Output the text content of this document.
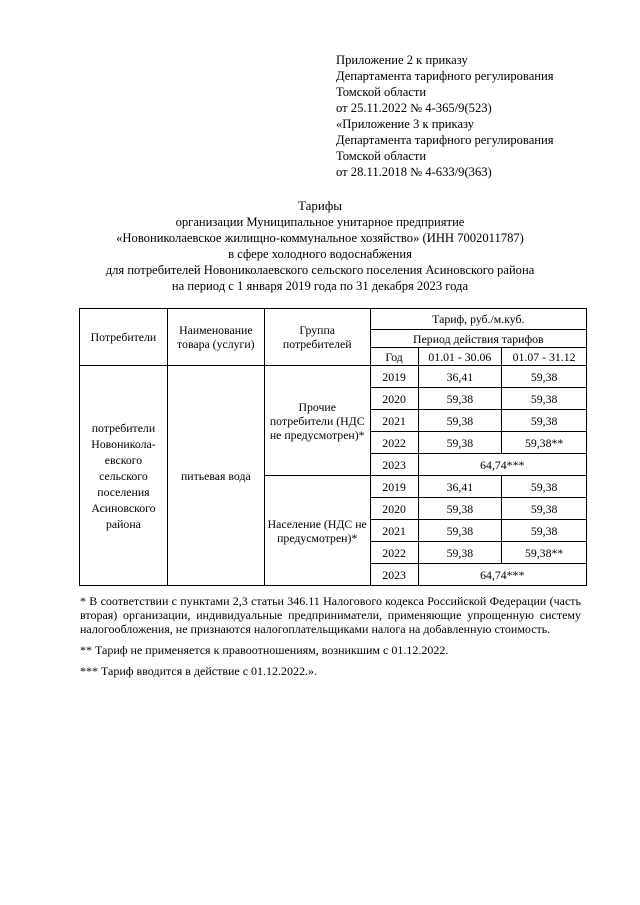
Приложение 2 к приказу
Департамента тарифного регулирования
Томской области
от 25.11.2022 № 4-365/9(523)
«Приложение 3 к приказу
Департамента тарифного регулирования
Томской области
от 28.11.2018 № 4-633/9(363)
Тарифы
организации Муниципальное унитарное предприятие
«Новониколаевское жилищно-коммунальное хозяйство» (ИНН 7002011787)
в сфере холодного водоснабжения
для потребителей Новониколаевского сельского поселения Асиновского района
на период с 1 января 2019 года по 31 декабря 2023 года
Потребители	Наименование товара (услуги)	Группа потребителей	Тариф, руб./м.куб.		
			Период действия тарифов		
			Год	01.01 - 30.06	01.07 - 31.12
потребители Новоникола-евского сельского поселения Асиновского района	питьевая вода	Прочие потребители (НДС не предусмотрен)*	2019	36,41	59,38
			2020	59,38	59,38
			2021	59,38	59,38
			2022	59,38	59,38**
			2023	64,74***	
		Население (НДС не предусмотрен)*	2019	36,41	59,38
			2020	59,38	59,38
			2021	59,38	59,38
			2022	59,38	59,38**
			2023	64,74***	
* В соответствии с пунктами 2,3 статьи 346.11 Налогового кодекса Российской Федерации (часть вторая) организации, индивидуальные предприниматели, применяющие упрощенную систему налогообложения, не признаются налогоплательщиками налога на добавленную стоимость.
** Тариф не применяется к правоотношениям, возникшим с 01.12.2022.
*** Тариф вводится в действие с 01.12.2022.».
